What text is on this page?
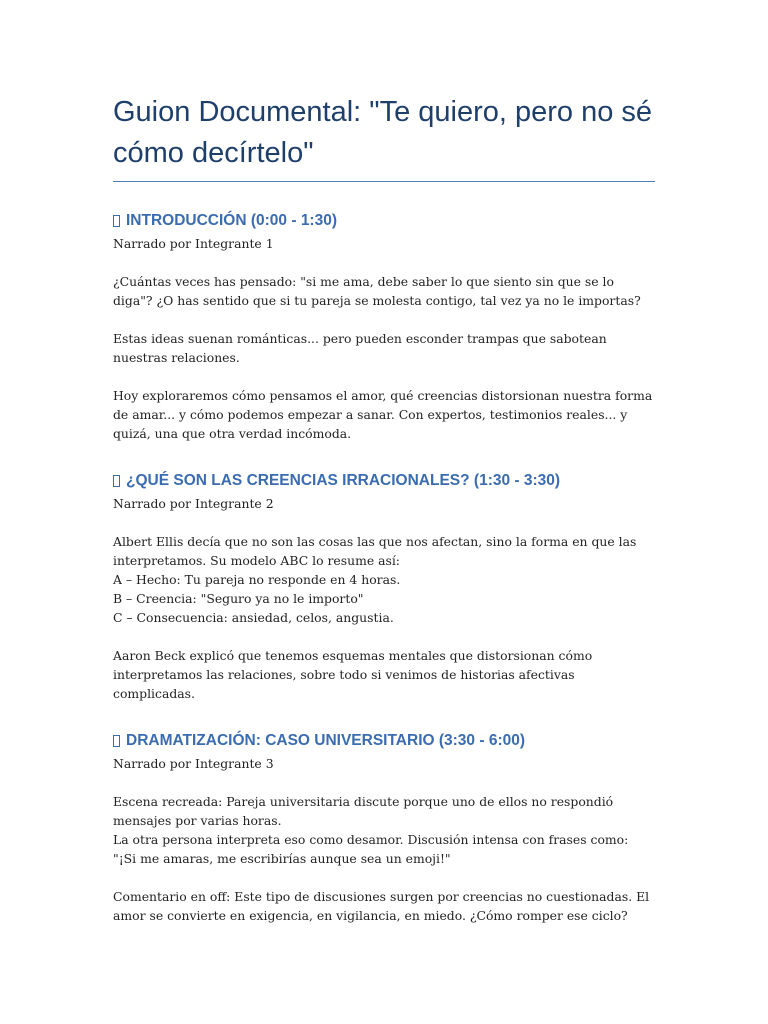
Guion Documental: "Te quiero, pero no sé cómo decírtelo"
INTRODUCCIÓN (0:00 - 1:30)

Narrado por Integrante 1

¿Cuántas veces has pensado: "si me ama, debe saber lo que siento sin que se lo diga"? ¿O has sentido que si tu pareja se molesta contigo, tal vez ya no le importas?

Estas ideas suenan románticas... pero pueden esconder trampas que sabotean nuestras relaciones.

Hoy exploraremos cómo pensamos el amor, qué creencias distorsionan nuestra forma de amar... y cómo podemos empezar a sanar. Con expertos, testimonios reales... y quizá, una que otra verdad incómoda.

¿QUÉ SON LAS CREENCIAS IRRACIONALES? (1:30 - 3:30)

Narrado por Integrante 2

Albert Ellis decía que no son las cosas las que nos afectan, sino la forma en que las interpretamos. Su modelo ABC lo resume así:
A – Hecho: Tu pareja no responde en 4 horas.
B – Creencia: "Seguro ya no le importo"
C – Consecuencia: ansiedad, celos, angustia.

Aaron Beck explicó que tenemos esquemas mentales que distorsionan cómo interpretamos las relaciones, sobre todo si venimos de historias afectivas complicadas.

DRAMATIZACIÓN: CASO UNIVERSITARIO (3:30 - 6:00)

Narrado por Integrante 3

Escena recreada: Pareja universitaria discute porque uno de ellos no respondió mensajes por varias horas.
La otra persona interpreta eso como desamor. Discusión intensa con frases como:
"¡Si me amaras, me escribirías aunque sea un emoji!"

Comentario en off: Este tipo de discusiones surgen por creencias no cuestionadas. El amor se convierte en exigencia, en vigilancia, en miedo. ¿Cómo romper ese ciclo?
